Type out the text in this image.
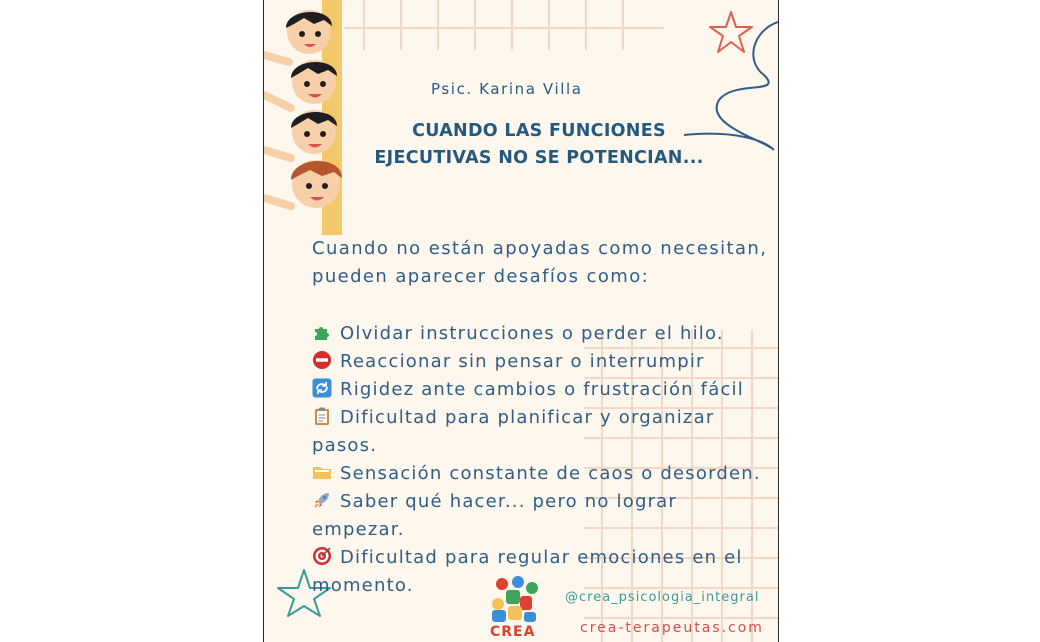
Psic. Karina Villa
CUANDO LAS FUNCIONES
EJECUTIVAS NO SE POTENCIAN...
Cuando no están apoyadas como necesitan, pueden aparecer desafíos como:
Olvidar instrucciones o perder el hilo.
Reaccionar sin pensar o interrumpir
Rigidez ante cambios o frustración fácil
Dificultad para planificar y organizar pasos.
Sensación constante de caos o desorden.
Saber qué hacer... pero no lograr empezar.
Dificultad para regular emociones en el momento.
CREA
@crea_psicologia_integral
crea-terapeutas.com
